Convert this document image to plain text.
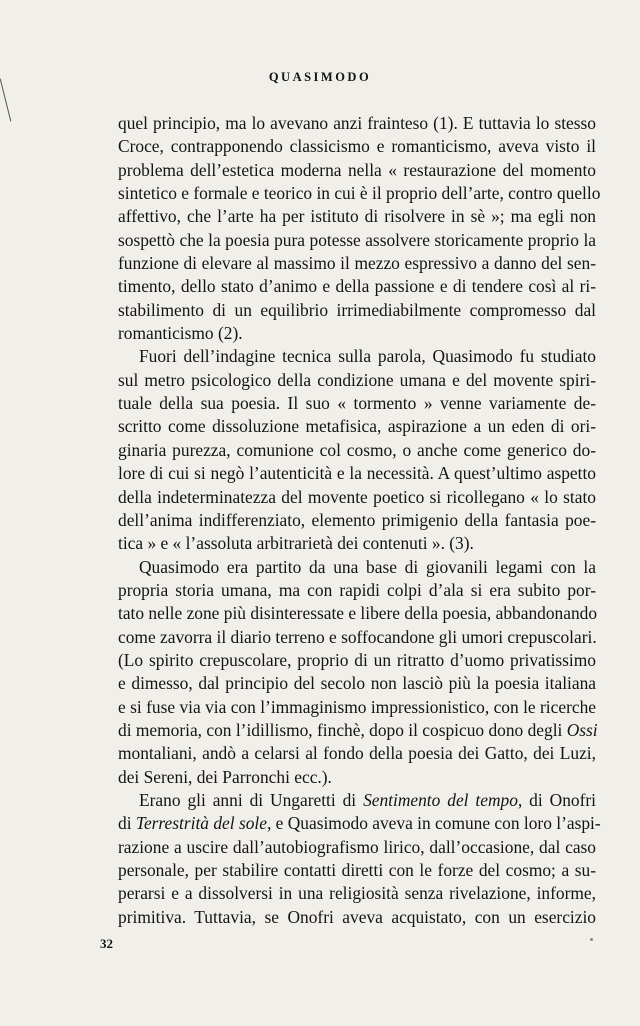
QUASIMODO
quel principio, ma lo avevano anzi frainteso (1). E tuttavia lo stesso
Croce, contrapponendo classicismo e romanticismo, aveva visto il
problema dell’estetica moderna nella « restaurazione del momento
sintetico e formale e teorico in cui è il proprio dell’arte, contro quello
affettivo, che l’arte ha per istituto di risolvere in sè »; ma egli non
sospettò che la poesia pura potesse assolvere storicamente proprio la
funzione di elevare al massimo il mezzo espressivo a danno del sen-
timento, dello stato d’animo e della passione e di tendere così al ri-
stabilimento di un equilibrio irrimediabilmente compromesso dal
romanticismo (2).
Fuori dell’indagine tecnica sulla parola, Quasimodo fu studiato
sul metro psicologico della condizione umana e del movente spiri-
tuale della sua poesia. Il suo « tormento » venne variamente de-
scritto come dissoluzione metafisica, aspirazione a un eden di ori-
ginaria purezza, comunione col cosmo, o anche come generico do-
lore di cui si negò l’autenticità e la necessità. A quest’ultimo aspetto
della indeterminatezza del movente poetico si ricollegano « lo stato
dell’anima indifferenziato, elemento primigenio della fantasia poe-
tica » e « l’assoluta arbitrarietà dei contenuti ». (3).
Quasimodo era partito da una base di giovanili legami con la
propria storia umana, ma con rapidi colpi d’ala si era subito por-
tato nelle zone più disinteressate e libere della poesia, abbandonando
come zavorra il diario terreno e soffocandone gli umori crepuscolari.
(Lo spirito crepuscolare, proprio di un ritratto d’uomo privatissimo
e dimesso, dal principio del secolo non lasciò più la poesia italiana
e si fuse via via con l’immaginismo impressionistico, con le ricerche
di memoria, con l’idillismo, finchè, dopo il cospicuo dono degli Ossi
montaliani, andò a celarsi al fondo della poesia dei Gatto, dei Luzi,
dei Sereni, dei Parronchi ecc.).
Erano gli anni di Ungaretti di Sentimento del tempo, di Onofri
di Terrestrità del sole, e Quasimodo aveva in comune con loro l’aspi-
razione a uscire dall’autobiografismo lirico, dall’occasione, dal caso
personale, per stabilire contatti diretti con le forze del cosmo; a su-
perarsi e a dissolversi in una religiosità senza rivelazione, informe,
primitiva. Tuttavia, se Onofri aveva acquistato, con un esercizio
32
